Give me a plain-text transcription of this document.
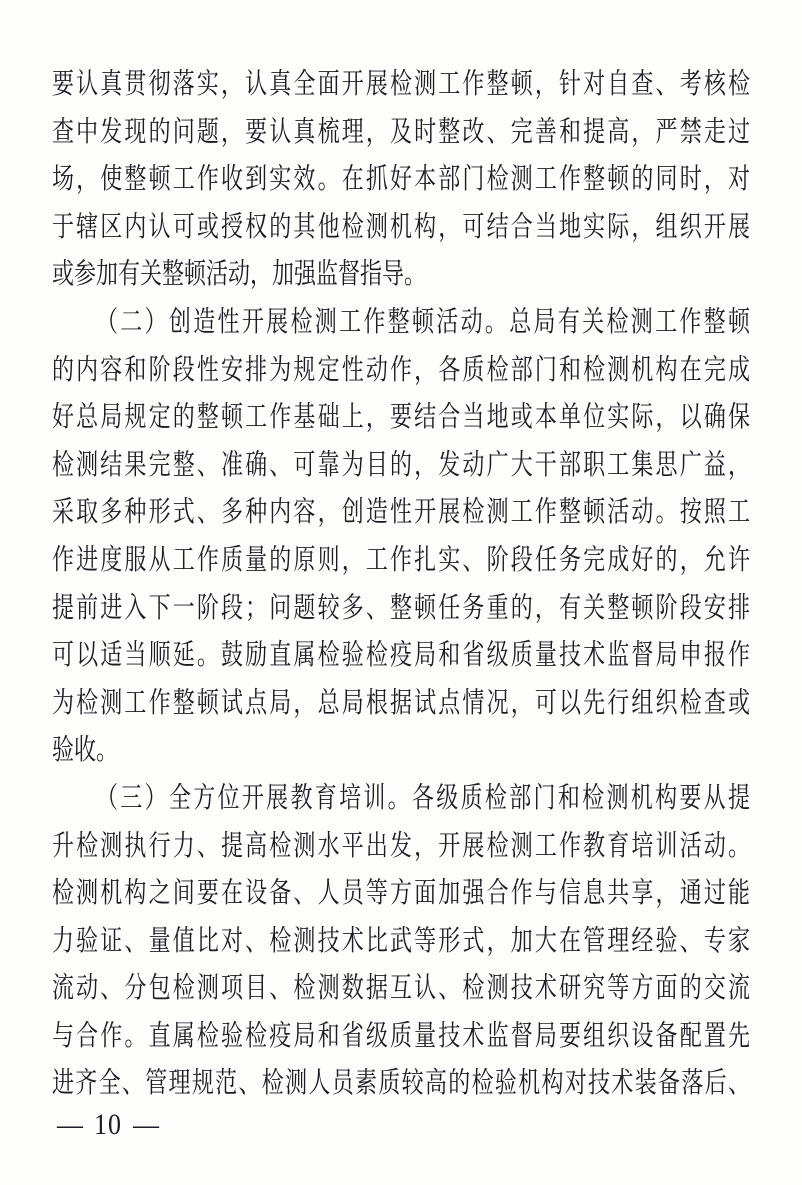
要认真贯彻落实，认真全面开展检测工作整顿，针对自查、考核检
查中发现的问题，要认真梳理，及时整改、完善和提高，严禁走过
场，使整顿工作收到实效。在抓好本部门检测工作整顿的同时，对
于辖区内认可或授权的其他检测机构，可结合当地实际，组织开展
或参加有关整顿活动，加强监督指导。
（二）创造性开展检测工作整顿活动。总局有关检测工作整顿
的内容和阶段性安排为规定性动作，各质检部门和检测机构在完成
好总局规定的整顿工作基础上，要结合当地或本单位实际，以确保
检测结果完整、准确、可靠为目的，发动广大干部职工集思广益，
采取多种形式、多种内容，创造性开展检测工作整顿活动。按照工
作进度服从工作质量的原则，工作扎实、阶段任务完成好的，允许
提前进入下一阶段；问题较多、整顿任务重的，有关整顿阶段安排
可以适当顺延。鼓励直属检验检疫局和省级质量技术监督局申报作
为检测工作整顿试点局，总局根据试点情况，可以先行组织检查或
验收。
（三）全方位开展教育培训。各级质检部门和检测机构要从提
升检测执行力、提高检测水平出发，开展检测工作教育培训活动。
检测机构之间要在设备、人员等方面加强合作与信息共享，通过能
力验证、量值比对、检测技术比武等形式，加大在管理经验、专家
流动、分包检测项目、检测数据互认、检测技术研究等方面的交流
与合作。直属检验检疫局和省级质量技术监督局要组织设备配置先
进齐全、管理规范、检测人员素质较高的检验机构对技术装备落后、
— 10 —
